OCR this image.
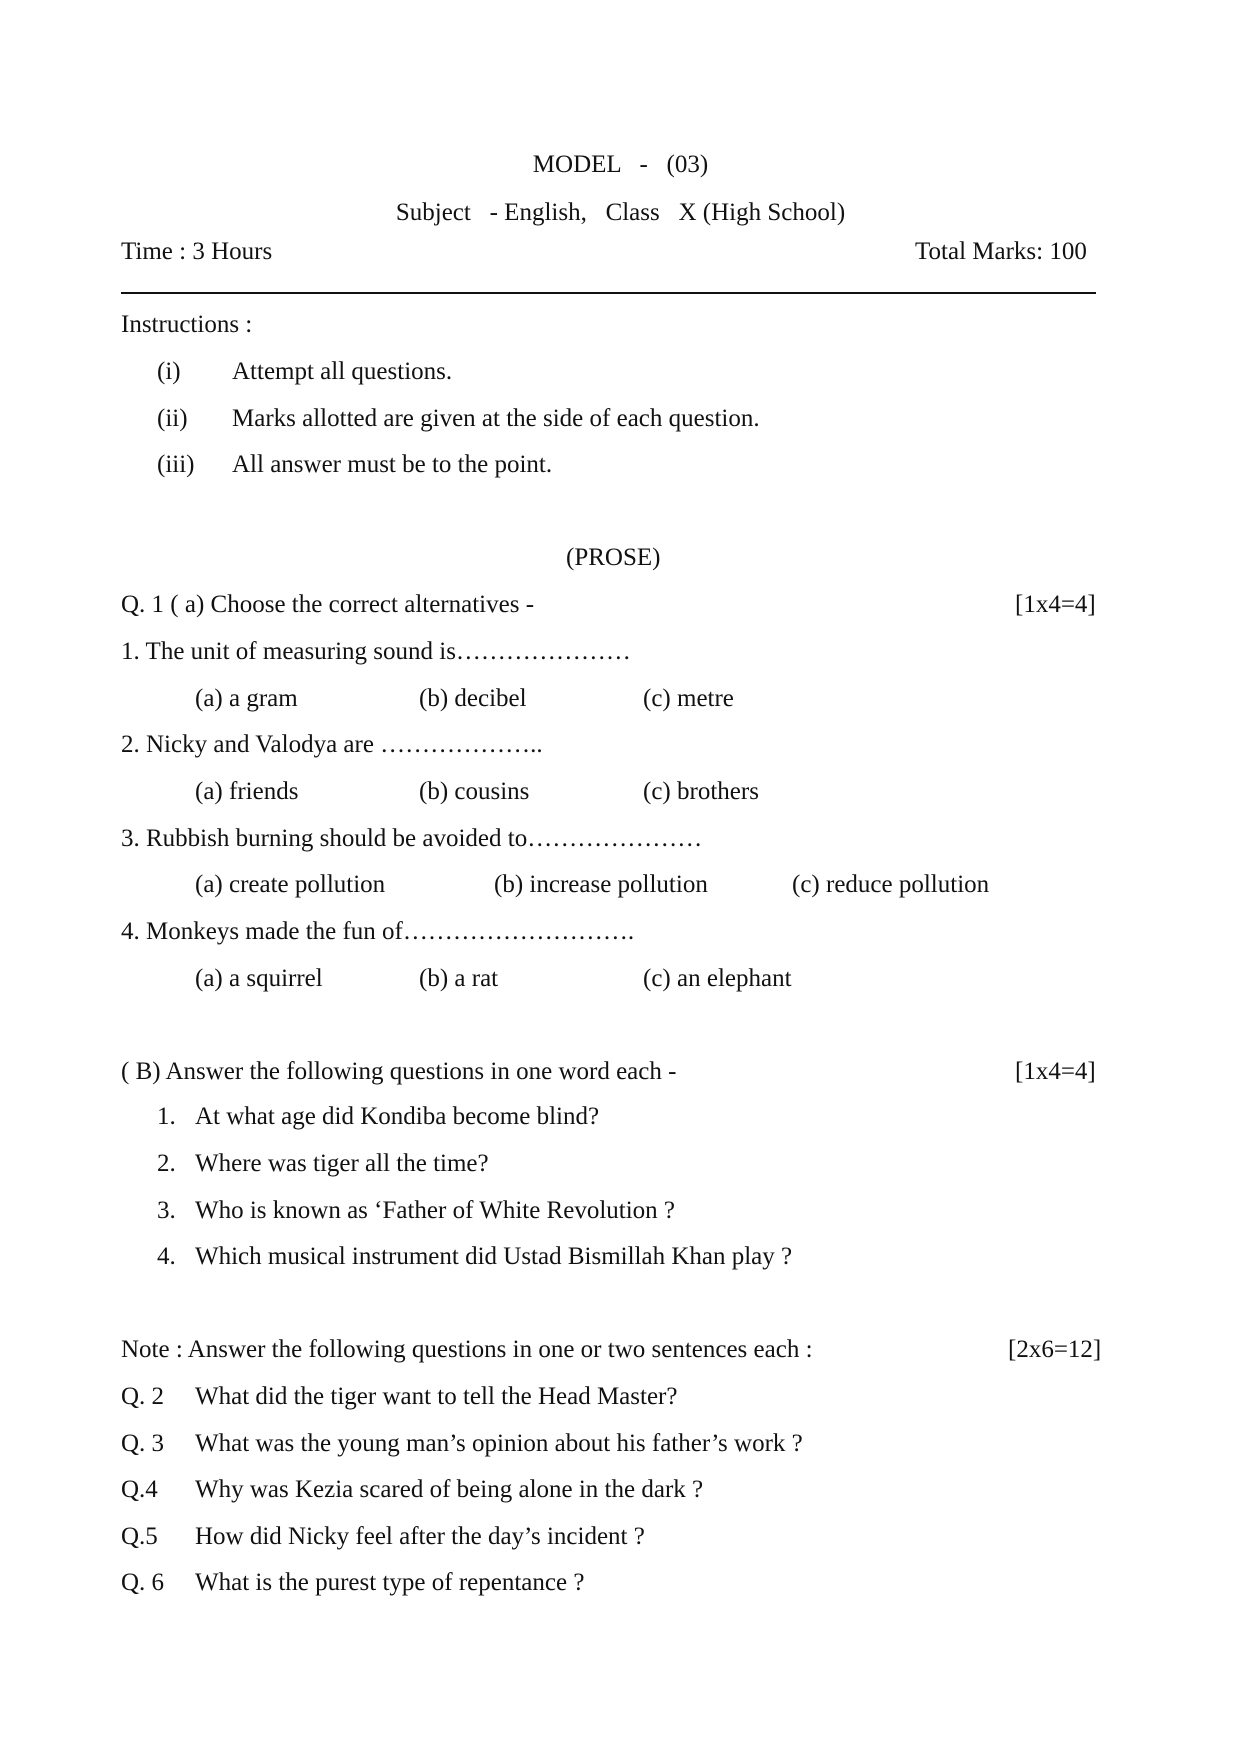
MODEL   -   (03)
Subject   - English,   Class   X (High School)
Time : 3 Hours	Total Marks: 100
Instructions :
(i) Attempt all questions.
(ii) Marks allotted are given at the side of each question.
(iii) All answer must be to the point.
(PROSE)
Q. 1 ( a) Choose the correct alternatives -	[1x4=4]
1. The unit of measuring sound is…………………
(a) a gram	(b) decibel	(c) metre
2. Nicky and Valodya are ………………..
(a) friends	(b) cousins	(c) brothers
3. Rubbish burning should be avoided to…………………
(a) create pollution	(b) increase pollution	(c) reduce pollution
4. Monkeys made the fun of……………………….
(a) a squirrel	(b) a rat	(c) an elephant
( B) Answer the following questions in one word each -	[1x4=4]
1. At what age did Kondiba become blind?
2. Where was tiger all the time?
3. Who is known as ‘Father of White Revolution ?
4. Which musical instrument did Ustad Bismillah Khan play ?
Note : Answer the following questions in one or two sentences each :	[2x6=12]
Q. 2 What did the tiger want to tell the Head Master?
Q. 3 What was the young man’s opinion about his father’s work ?
Q.4 Why was Kezia scared of being alone in the dark ?
Q.5 How did Nicky feel after the day’s incident ?
Q. 6 What is the purest type of repentance ?
